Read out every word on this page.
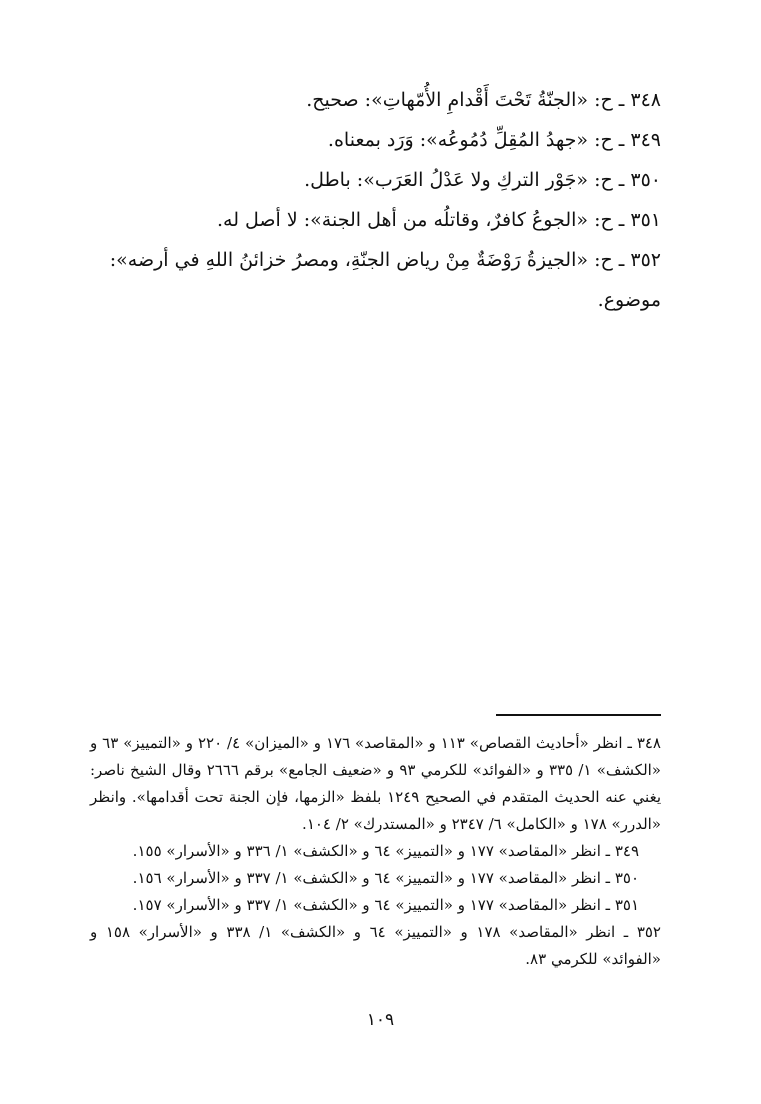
٣٤٨ ـ ح: «الجنّةُ تَحْتَ أَقْدامِ الأُمّهاتِ»: صحيح.

٣٤٩ ـ ح: «جهدُ المُقِلِّ دُمُوعُه»: وَرَد بمعناه.

٣٥٠ ـ ح: «جَوْر التركِ ولا عَدْلُ العَرَب»: باطل.

٣٥١ ـ ح: «الجوعُ كافرٌ، وقاتلُه من أهل الجنة»: لا أصل له.

٣٥٢ ـ ح: «الجيزةُ رَوْضَةٌ مِنْ رياض الجنّةِ، ومصرُ خزائنُ اللهِ في أرضه»: موضوع.

٣٤٨ ـ انظر «أحاديث القصاص» ١١٣ و «المقاصد» ١٧٦ و «الميزان» ٤/ ٢٢٠ و «التمييز» ٦٣ و «الكشف» ١/ ٣٣٥ و «الفوائد» للكرمي ٩٣ و «ضعيف الجامع» برقم ٢٦٦٦ وقال الشيخ ناصر: يغني عنه الحديث المتقدم في الصحيح ١٢٤٩ بلفظ «الزمها، فإن الجنة تحت أقدامها». وانظر «الدرر» ١٧٨ و «الكامل» ٦/ ٢٣٤٧ و «المستدرك» ٢/ ١٠٤.

٣٤٩ ـ انظر «المقاصد» ١٧٧ و «التمييز» ٦٤ و «الكشف» ١/ ٣٣٦ و «الأسرار» ١٥٥.

٣٥٠ ـ انظر «المقاصد» ١٧٧ و «التمييز» ٦٤ و «الكشف» ١/ ٣٣٧ و «الأسرار» ١٥٦.

٣٥١ ـ انظر «المقاصد» ١٧٧ و «التمييز» ٦٤ و «الكشف» ١/ ٣٣٧ و «الأسرار» ١٥٧.

٣٥٢ ـ انظر «المقاصد» ١٧٨ و «التمييز» ٦٤ و «الكشف» ١/ ٣٣٨ و «الأسرار» ١٥٨ و «الفوائد» للكرمي ٨٣.

١٠٩
